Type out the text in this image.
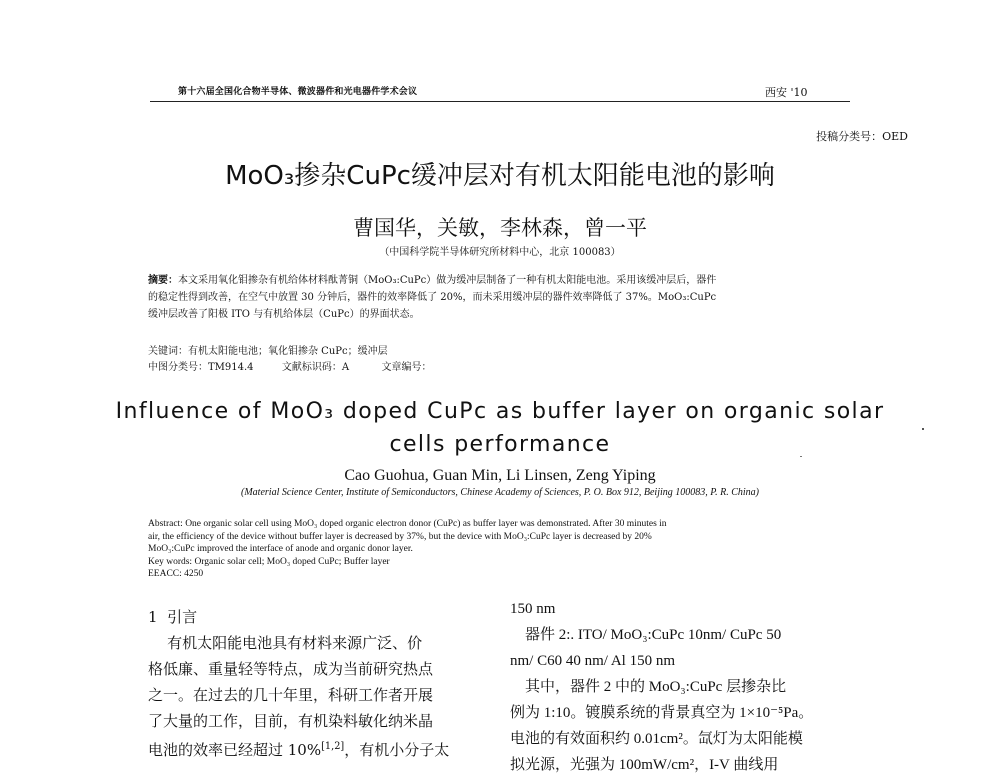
第十六届全国化合物半导体、微波器件和光电器件学术会议	西安 '10
投稿分类号：OED
MoO₃掺杂CuPc缓冲层对有机太阳能电池的影响
曹国华，关敏，李林森，曾一平
（中国科学院半导体研究所材料中心，北京 100083）
摘要：本文采用氧化钼掺杂有机给体材料酞菁铜（MoO₃:CuPc）做为缓冲层制备了一种有机太阳能电池。采用该缓冲层后，器件
的稳定性得到改善，在空气中放置 30 分钟后，器件的效率降低了 20%，而未采用缓冲层的器件效率降低了 37%。MoO₃:CuPc
缓冲层改善了阳极 ITO 与有机给体层（CuPc）的界面状态。
关键词：有机太阳能电池；氧化钼掺杂 CuPc；缓冲层
中图分类号：TM914.4	文献标识码：A	文章编号：
Influence of MoO₃ doped CuPc as buffer layer on organic solar
cells performance
Cao Guohua, Guan Min, Li Linsen, Zeng Yiping
(Material Science Center, Institute of Semiconductors, Chinese Academy of Sciences, P. O. Box 912, Beijing 100083, P. R. China)
Abstract: One organic solar cell using MoO₃ doped organic electron donor (CuPc) as buffer layer was demonstrated. After 30 minutes in
air, the efficiency of the device without buffer layer is decreased by 37%, but the device with MoO₃:CuPc layer is decreased by 20%
MoO₃:CuPc improved the interface of anode and organic donor layer.
Key words: Organic solar cell; MoO₃ doped CuPc; Buffer layer
EEACC: 4250
1  引言
有机太阳能电池具有材料来源广泛、价
格低廉、重量轻等特点，成为当前研究热点
之一。在过去的几十年里，科研工作者开展
了大量的工作，目前，有机染料敏化纳米晶
电池的效率已经超过 10%[1,2]，有机小分子太
150 nm
器件 2:. ITO/ MoO₃:CuPc 10nm/ CuPc 50
nm/ C60 40 nm/ Al 150 nm
其中，器件 2 中的 MoO₃:CuPc 层掺杂比
例为 1:10。镀膜系统的背景真空为 1×10⁻⁵Pa。
电池的有效面积约 0.01cm²。氙灯为太阳能模
拟光源，光强为 100mW/cm²，I-V 曲线用
